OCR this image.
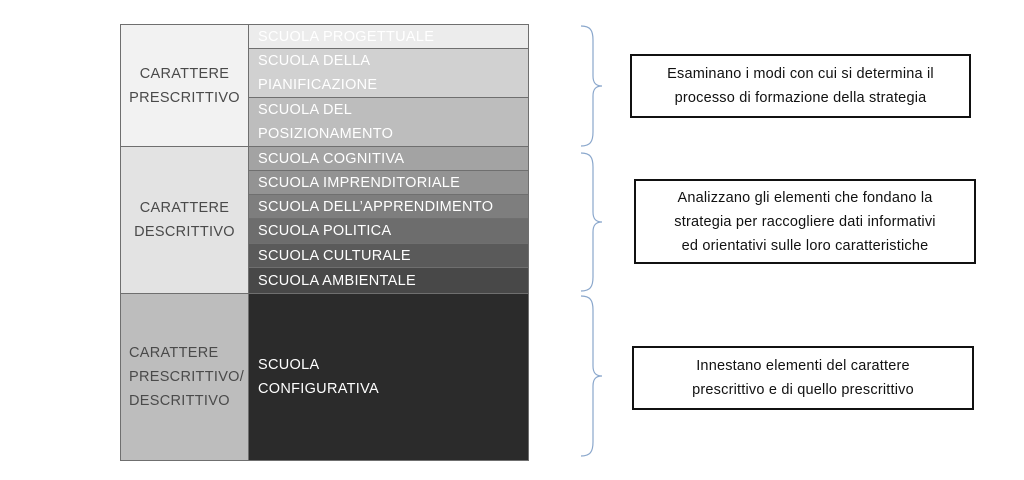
CARATTERE
PRESCRITTIVO
CARATTERE
DESCRITTIVO
CARATTERE
PRESCRITTIVO/
DESCRITTIVO
SCUOLA PROGETTUALE
SCUOLA DELLA
PIANIFICAZIONE
SCUOLA DEL
POSIZIONAMENTO
SCUOLA COGNITIVA
SCUOLA IMPRENDITORIALE
SCUOLA DELL’APPRENDIMENTO
SCUOLA POLITICA
SCUOLA CULTURALE
SCUOLA AMBIENTALE
SCUOLA
CONFIGURATIVA
Esaminano i modi con cui si determina il
processo di formazione della strategia
Analizzano gli elementi che fondano la
strategia per raccogliere dati informativi
ed orientativi sulle loro caratteristiche
Innestano elementi del carattere
prescrittivo e di quello prescrittivo
